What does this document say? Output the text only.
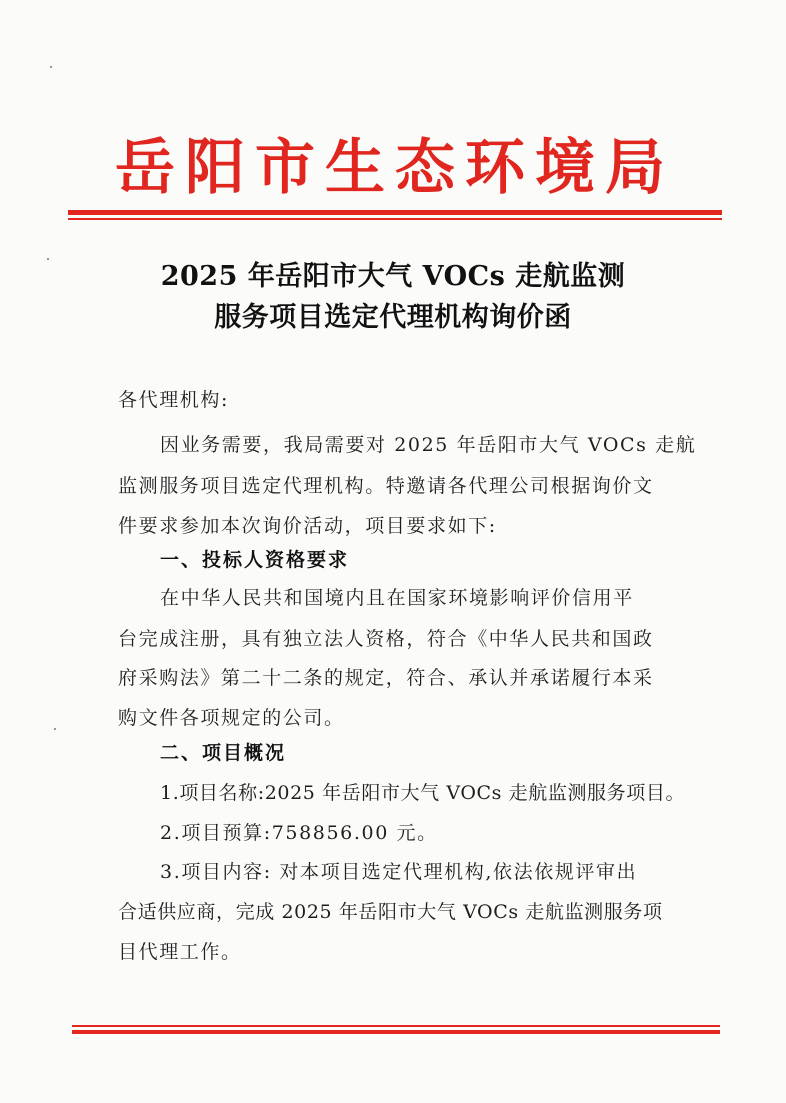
岳阳市生态环境局
2025 年岳阳市大气 VOCs 走航监测
服务项目选定代理机构询价函
各代理机构:
因业务需要，我局需要对 2025 年岳阳市大气 VOCs 走航
监测服务项目选定代理机构。特邀请各代理公司根据询价文
件要求参加本次询价活动，项目要求如下:
一、投标人资格要求
在中华人民共和国境内且在国家环境影响评价信用平
台完成注册，具有独立法人资格，符合《中华人民共和国政
府采购法》第二十二条的规定，符合、承认并承诺履行本采
购文件各项规定的公司。
二、项目概况
1.项目名称:2025 年岳阳市大气 VOCs 走航监测服务项目。
2.项目预算:758856.00 元。
3.项目内容: 对本项目选定代理机构,依法依规评审出
合适供应商，完成 2025 年岳阳市大气 VOCs 走航监测服务项
目代理工作。
